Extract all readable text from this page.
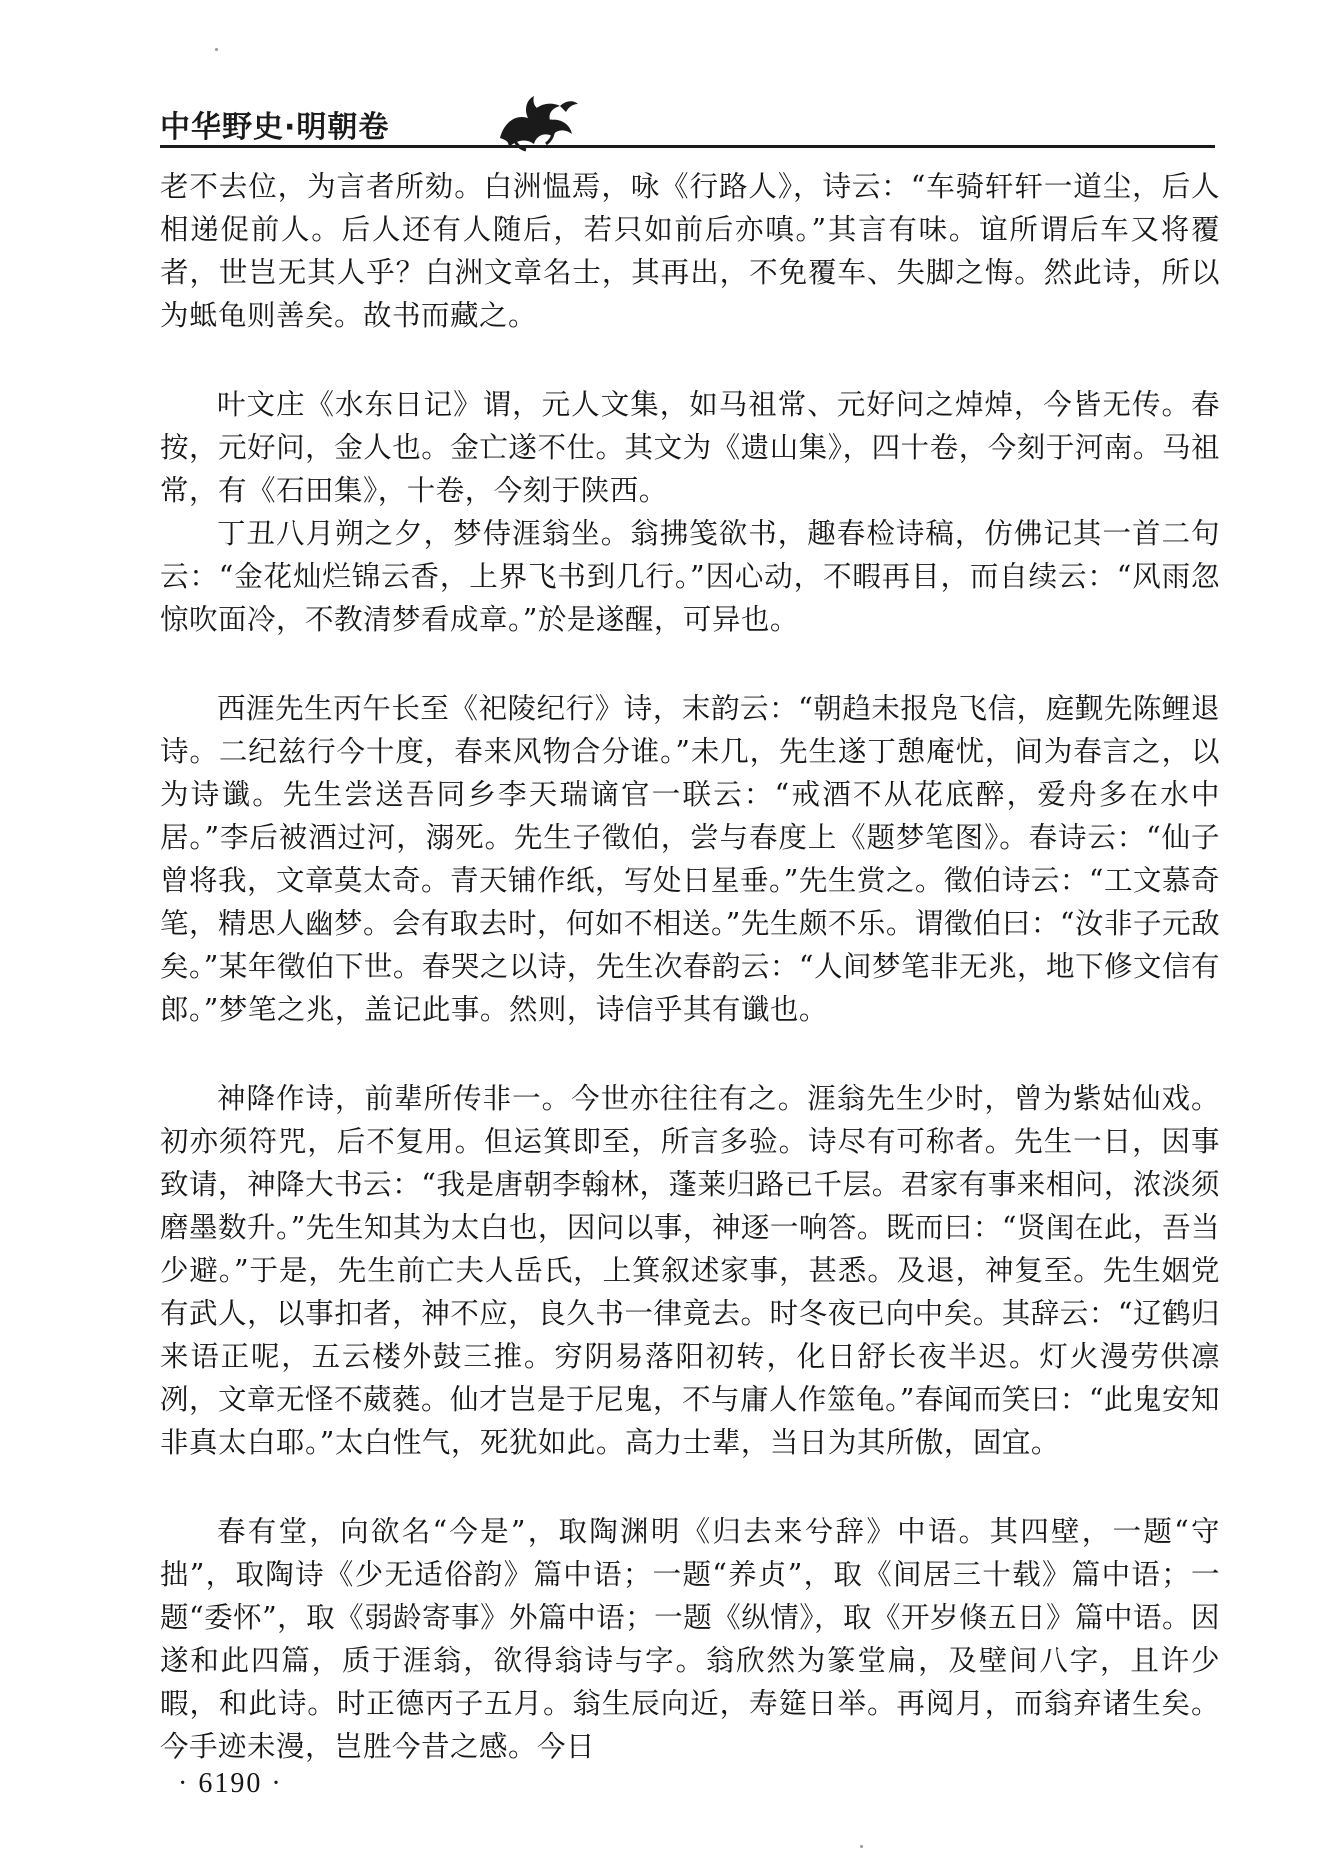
中华野史·明朝卷

老不去位，为言者所劾。白洲愠焉，咏《行路人》，诗云：“车骑轩轩一道尘，后人相递促前人。后人还有人随后，若只如前后亦嗔。”其言有味。谊所谓后车又将覆者，世岂无其人乎？白洲文章名士，其再出，不免覆车、失脚之悔。然此诗，所以为蚳龟则善矣。故书而藏之。

叶文庄《水东日记》谓，元人文集，如马祖常、元好问之焯焯，今皆无传。春按，元好问，金人也。金亡遂不仕。其文为《遗山集》，四十卷，今刻于河南。马祖常，有《石田集》，十卷，今刻于陕西。

丁丑八月朔之夕，梦侍涯翁坐。翁拂笺欲书，趣春检诗稿，仿佛记其一首二句云：“金花灿烂锦云香，上界飞书到几行。”因心动，不暇再目，而自续云：“风雨忽惊吹面冷，不教清梦看成章。”於是遂醒，可异也。

西涯先生丙午长至《祀陵纪行》诗，末韵云：“朝趋未报凫飞信，庭觐先陈鲤退诗。二纪兹行今十度，春来风物合分谁。”未几，先生遂丁憩庵忧，间为春言之，以为诗谶。先生尝送吾同乡李天瑞谪官一联云：“戒酒不从花底醉，爱舟多在水中居。”李后被酒过河，溺死。先生子徵伯，尝与春度上《题梦笔图》。春诗云：“仙子曾将我，文章莫太奇。青天铺作纸，写处日星垂。”先生赏之。徵伯诗云：“工文慕奇笔，精思人幽梦。会有取去时，何如不相送。”先生颇不乐。谓徵伯曰：“汝非子元敌矣。”某年徵伯下世。春哭之以诗，先生次春韵云：“人间梦笔非无兆，地下修文信有郎。”梦笔之兆，盖记此事。然则，诗信乎其有谶也。

神降作诗，前辈所传非一。今世亦往往有之。涯翁先生少时，曾为紫姑仙戏。初亦须符咒，后不复用。但运箕即至，所言多验。诗尽有可称者。先生一日，因事致请，神降大书云：“我是唐朝李翰林，蓬莱归路已千层。君家有事来相问，浓淡须磨墨数升。”先生知其为太白也，因问以事，神逐一响答。既而曰：“贤闺在此，吾当少避。”于是，先生前亡夫人岳氏，上箕叙述家事，甚悉。及退，神复至。先生姻党有武人，以事扣者，神不应，良久书一律竟去。时冬夜已向中矣。其辞云：“辽鹤归来语正呢，五云楼外鼓三推。穷阴易落阳初转，化日舒长夜半迟。灯火漫劳供凛冽，文章无怪不葳蕤。仙才岂是于尼鬼，不与庸人作筮龟。”春闻而笑曰：“此鬼安知非真太白耶。”太白性气，死犹如此。高力士辈，当日为其所傲，固宜。

春有堂，向欲名“今是”，取陶渊明《归去来兮辞》中语。其四壁，一题“守拙”，取陶诗《少无适俗韵》篇中语；一题“养贞”，取《间居三十载》篇中语；一题“委怀”，取《弱龄寄事》外篇中语；一题《纵情》，取《开岁倏五日》篇中语。因遂和此四篇，质于涯翁，欲得翁诗与字。翁欣然为篆堂扁，及壁间八字，且许少暇，和此诗。时正德丙子五月。翁生辰向近，寿筵日举。再阅月，而翁弃诸生矣。今手迹未漫，岂胜今昔之感。今日

· 6190 ·
